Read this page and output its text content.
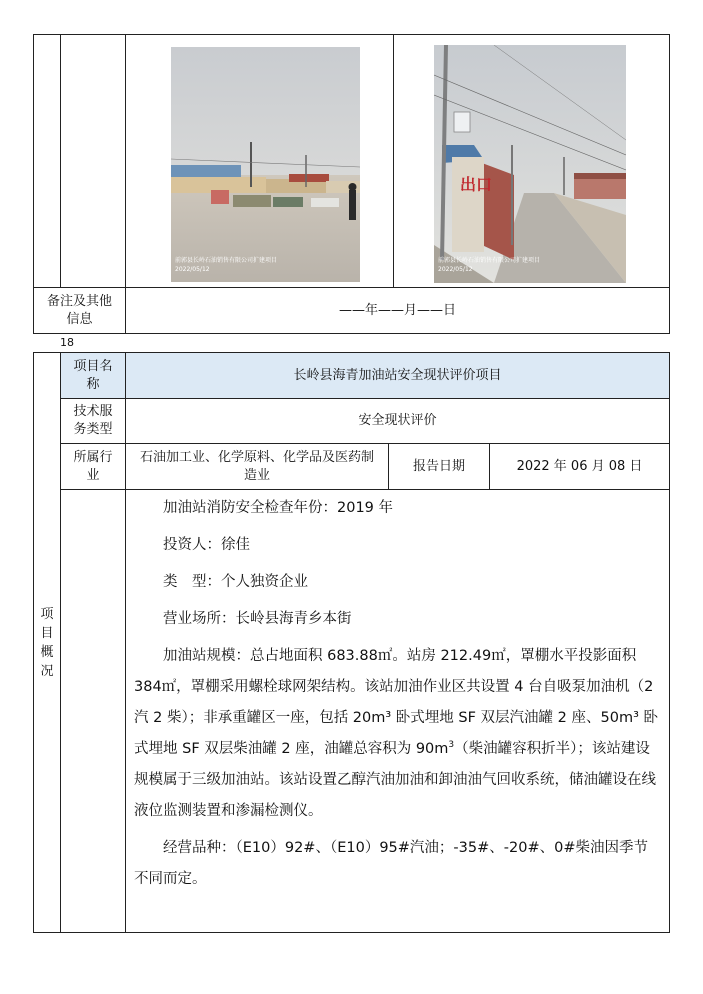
前郭县长岭石油销售有限公司扩建项目
2022/05/12
出口
前郭县长岭石油销售有限公司扩建项目
2022/05/12
备注及其他信息
——年——月——日
18
项目名称
长岭县海青加油站安全现状评价项目
技术服务类型
安全现状评价
所属行业
石油加工业、化学原料、化学品及医药制造业
报告日期	2022 年 06 月 08 日
项目概况

加油站消防安全检查年份：2019 年

投资人：徐佳

类　型：个人独资企业

营业场所：长岭县海青乡本街

加油站规模：总占地面积 683.88㎡。站房 212.49㎡，罩棚水平投影面积 384㎡，罩棚采用螺栓球网架结构。该站加油作业区共设置 4 台自吸泵加油机（2汽 2 柴）；非承重罐区一座，包括 20m³ 卧式埋地 SF 双层汽油罐 2 座、50m³ 卧式埋地 SF 双层柴油罐 2 座，油罐总容积为 $90m^3$（柴油罐容积折半）；该站建设规模属于三级加油站。该站设置乙醇汽油加油和卸油油气回收系统，储油罐设在线液位监测装置和渗漏检测仪。

经营品种：（E10）92#、（E10）95#汽油；-35#、-20#、0#柴油因季节不同而定。
